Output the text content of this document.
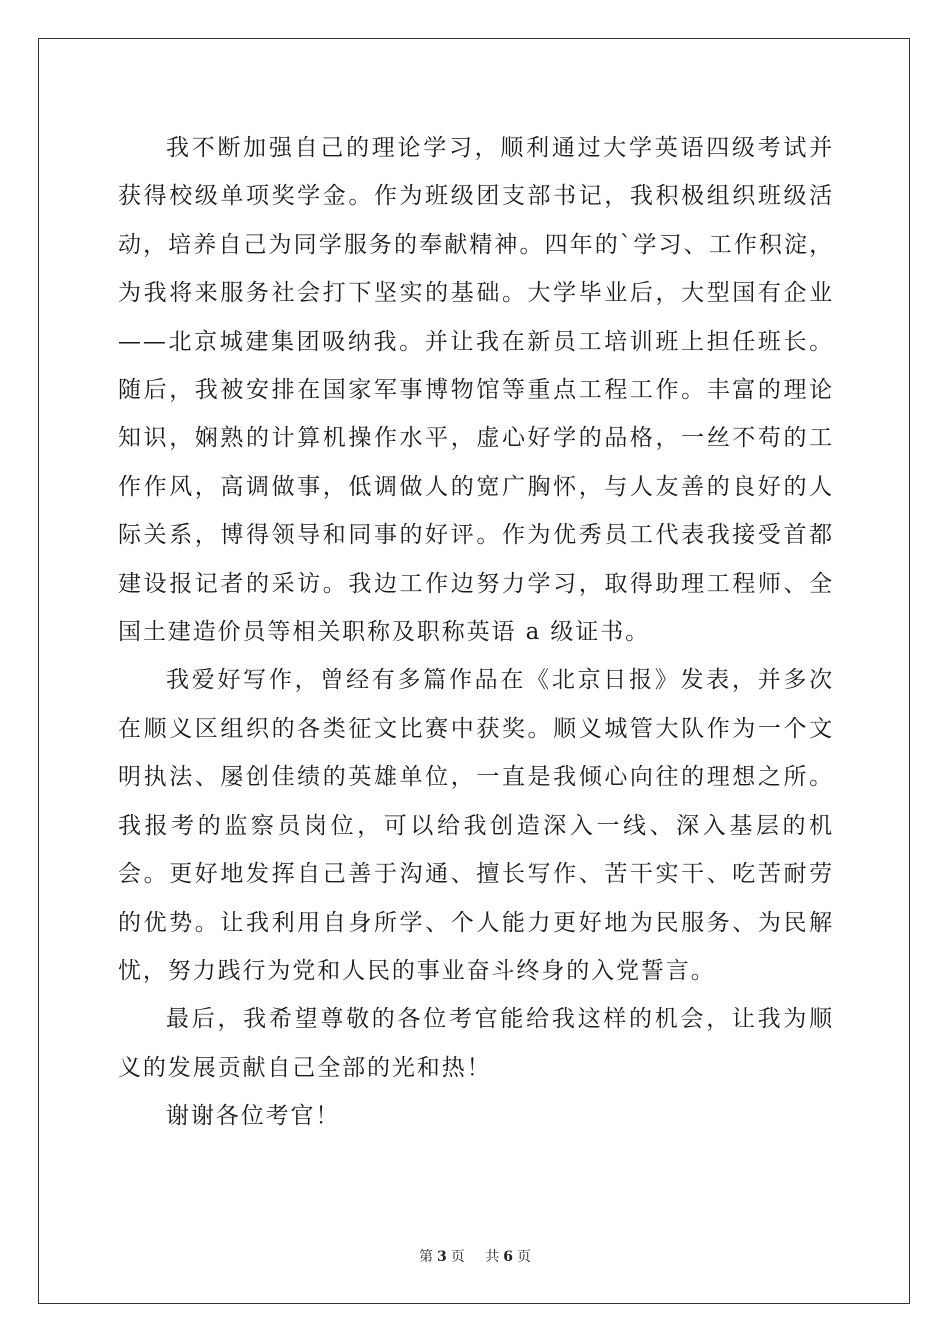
我不断加强自己的理论学习，顺利通过大学英语四级考试并获得校级单项奖学金。作为班级团支部书记，我积极组织班级活动，培养自己为同学服务的奉献精神。四年的`学习、工作积淀，为我将来服务社会打下坚实的基础。大学毕业后，大型国有企业——北京城建集团吸纳我。并让我在新员工培训班上担任班长。随后，我被安排在国家军事博物馆等重点工程工作。丰富的理论知识，娴熟的计算机操作水平，虚心好学的品格，一丝不苟的工作作风，高调做事，低调做人的宽广胸怀，与人友善的良好的人际关系，博得领导和同事的好评。作为优秀员工代表我接受首都建设报记者的采访。我边工作边努力学习，取得助理工程师、全国土建造价员等相关职称及职称英语 a 级证书。

我爱好写作，曾经有多篇作品在《北京日报》发表，并多次在顺义区组织的各类征文比赛中获奖。顺义城管大队作为一个文明执法、屡创佳绩的英雄单位，一直是我倾心向往的理想之所。我报考的监察员岗位，可以给我创造深入一线、深入基层的机会。更好地发挥自己善于沟通、擅长写作、苦干实干、吃苦耐劳的优势。让我利用自身所学、个人能力更好地为民服务、为民解忧，努力践行为党和人民的事业奋斗终身的入党誓言。

最后，我希望尊敬的各位考官能给我这样的机会，让我为顺义的发展贡献自己全部的光和热！

谢谢各位考官！

第 3 页 共 6 页
